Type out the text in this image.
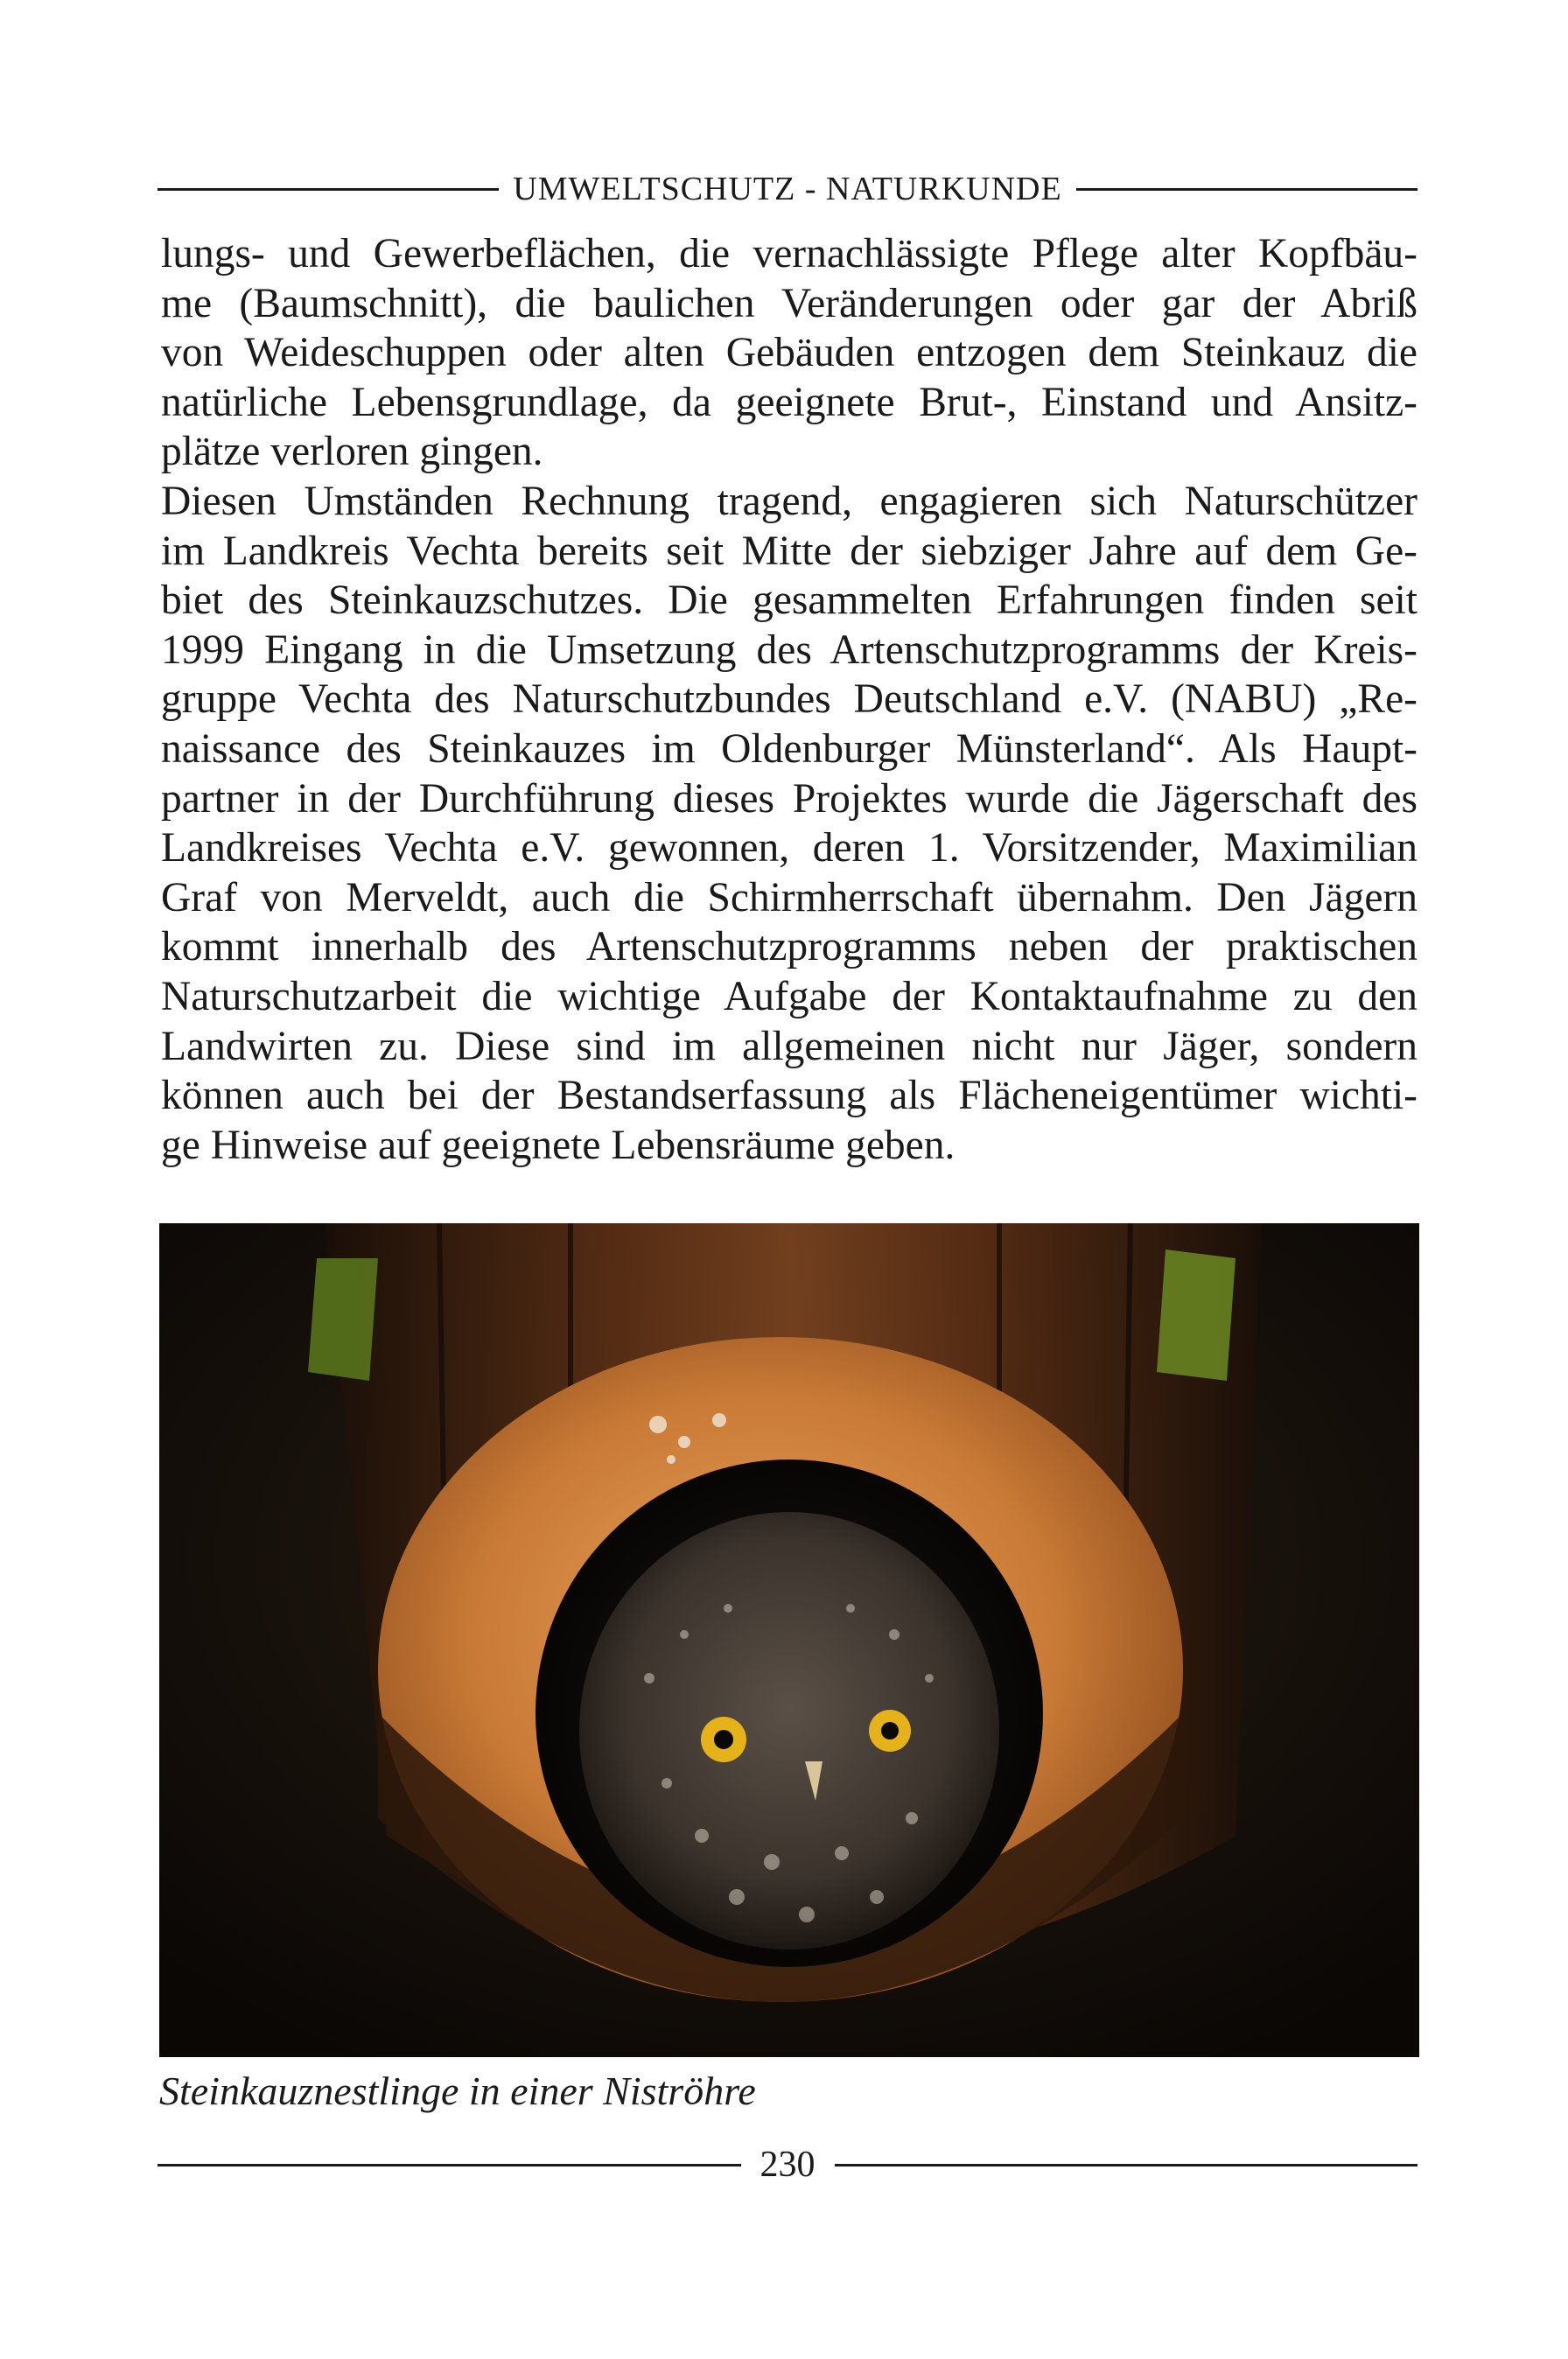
UMWELTSCHUTZ - NATURKUNDE

lungs- und Gewerbeflächen, die vernachlässigte Pflege alter Kopfbäu-
me (Baumschnitt), die baulichen Veränderungen oder gar der Abriß
von Weideschuppen oder alten Gebäuden entzogen dem Steinkauz die
natürliche Lebensgrundlage, da geeignete Brut-, Einstand und Ansitz-
plätze verloren gingen.

Diesen Umständen Rechnung tragend, engagieren sich Naturschützer
im Landkreis Vechta bereits seit Mitte der siebziger Jahre auf dem Ge-
biet des Steinkauzschutzes. Die gesammelten Erfahrungen finden seit
1999 Eingang in die Umsetzung des Artenschutzprogramms der Kreis-
gruppe Vechta des Naturschutzbundes Deutschland e.V. (NABU) „Re-
naissance des Steinkauzes im Oldenburger Münsterland“. Als Haupt-
partner in der Durchführung dieses Projektes wurde die Jägerschaft des
Landkreises Vechta e.V. gewonnen, deren 1. Vorsitzender, Maximilian
Graf von Merveldt, auch die Schirmherrschaft übernahm. Den Jägern
kommt innerhalb des Artenschutzprogramms neben der praktischen
Naturschutzarbeit die wichtige Aufgabe der Kontaktaufnahme zu den
Landwirten zu. Diese sind im allgemeinen nicht nur Jäger, sondern
können auch bei der Bestandserfassung als Flächeneigentümer wichti-
ge Hinweise auf geeignete Lebensräume geben.

Steinkauznestlinge in einer Niströhre
230
